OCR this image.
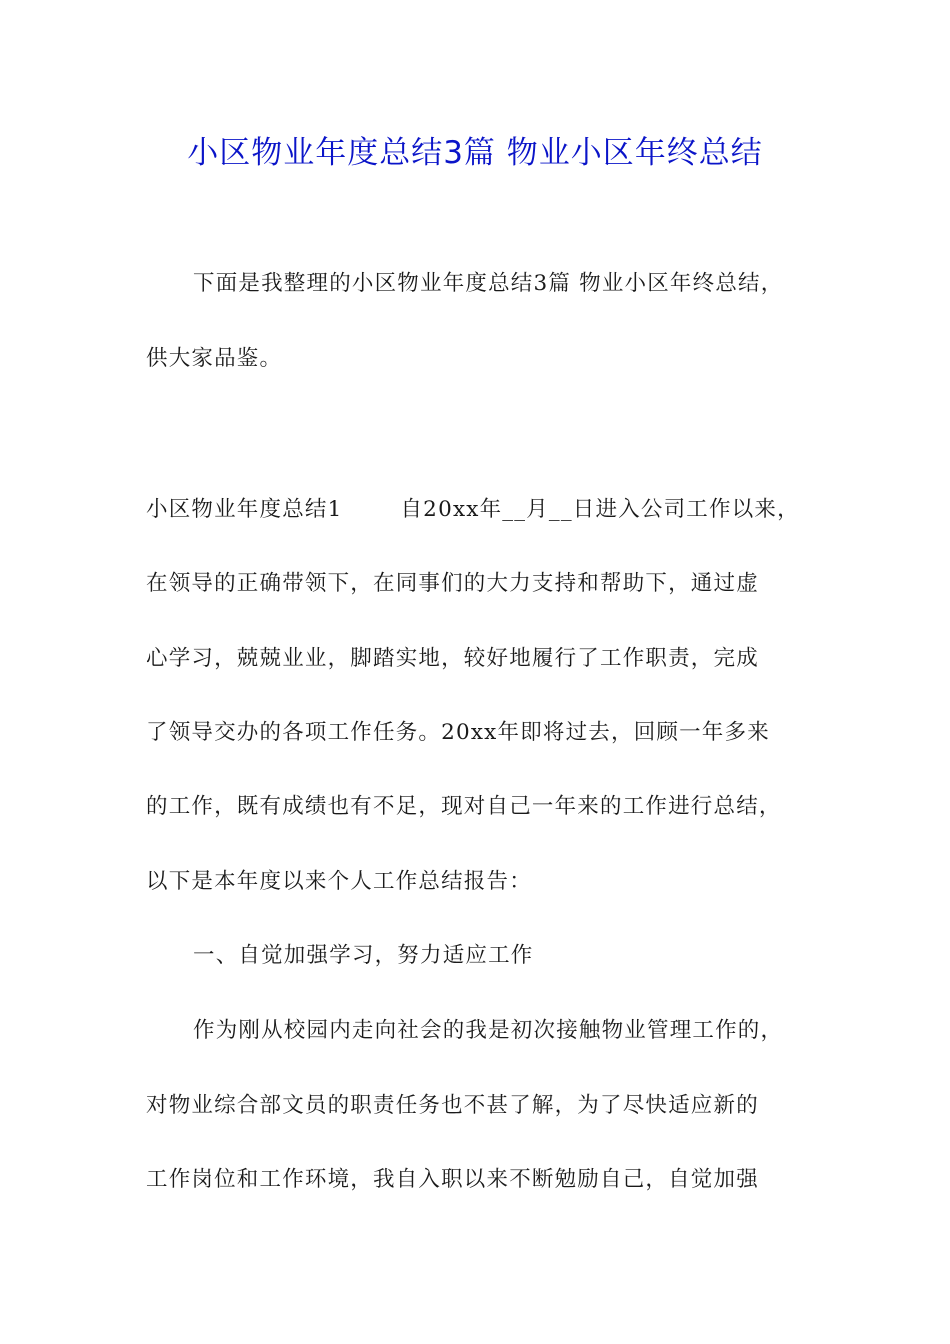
小区物业年度总结3篇 物业小区年终总结
下面是我整理的小区物业年度总结3篇 物业小区年终总结，
供大家品鉴。
小区物业年度总结1	自20xx年__月__日进入公司工作以来，
在领导的正确带领下，在同事们的大力支持和帮助下，通过虚
心学习，兢兢业业，脚踏实地，较好地履行了工作职责，完成
了领导交办的各项工作任务。20xx年即将过去，回顾一年多来
的工作，既有成绩也有不足，现对自己一年来的工作进行总结，
以下是本年度以来个人工作总结报告：
一、自觉加强学习，努力适应工作
作为刚从校园内走向社会的我是初次接触物业管理工作的，
对物业综合部文员的职责任务也不甚了解，为了尽快适应新的
工作岗位和工作环境，我自入职以来不断勉励自己，自觉加强
